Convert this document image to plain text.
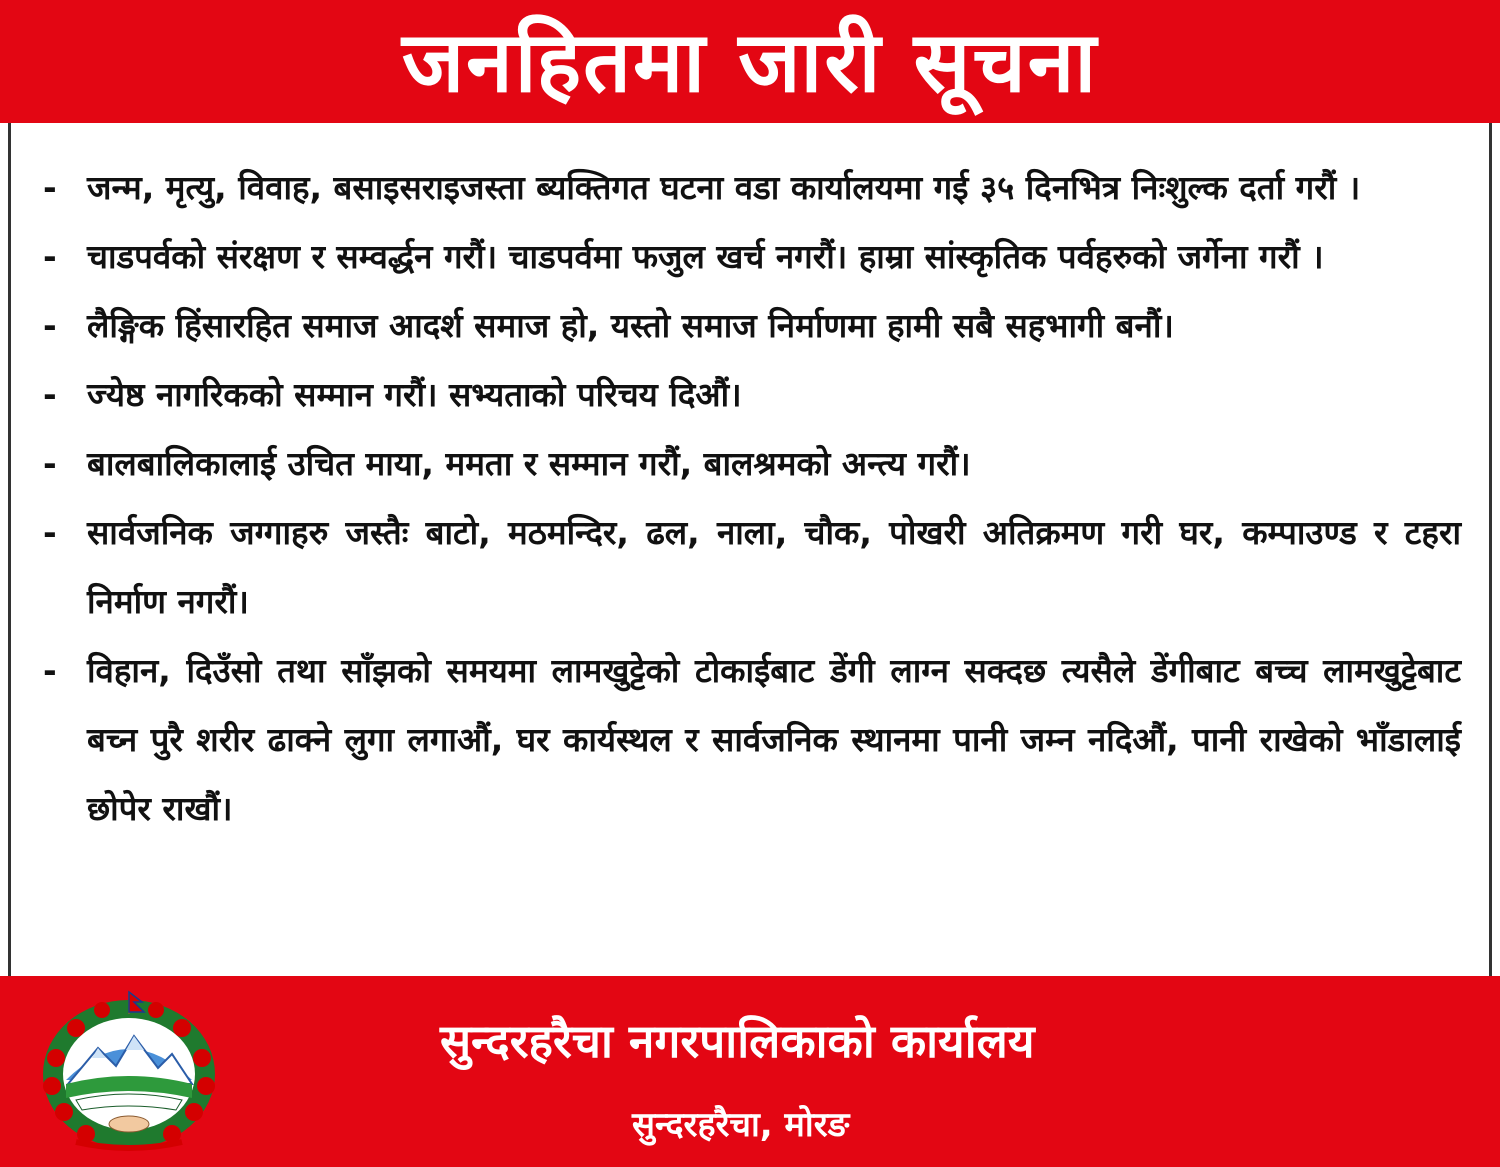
जनहितमा जारी सूचना
- जन्म, मृत्यु, विवाह, बसाइसराइजस्ता ब्यक्तिगत घटना वडा कार्यालयमा गई ३५ दिनभित्र निःशुल्क दर्ता गरौं ।
- चाडपर्वको संरक्षण र सम्वर्द्धन गरौं। चाडपर्वमा फजुल खर्च नगरौं। हाम्रा सांस्कृतिक पर्वहरुको जर्गेना गरौं ।
- लैङ्गिक हिंसारहित समाज आदर्श समाज हो, यस्तो समाज निर्माणमा हामी सबै सहभागी बनौं।
- ज्येष्ठ नागरिकको सम्मान गरौं। सभ्यताको परिचय दिऔं।
- बालबालिकालाई उचित माया, ममता र सम्मान गरौं, बालश्रमको अन्त्य गरौं।
- सार्वजनिक जग्गाहरु जस्तैः बाटो, मठमन्दिर, ढल, नाला, चौक, पोखरी अतिक्रमण गरी घर, कम्पाउण्ड र टहरा निर्माण नगरौं।
- विहान, दिउँसो तथा साँझको समयमा लामखुट्टेको टोकाईबाट डेंगी लाग्न सक्दछ त्यसैले डेंगीबाट बच्च लामखुट्टेबाट बच्न पुरै शरीर ढाक्ने लुगा लगाऔं, घर कार्यस्थल र सार्वजनिक स्थानमा पानी जम्न नदिऔं, पानी राखेको भाँडालाई छोपेर राखौं।
सुन्दरहरैचा नगरपालिकाको कार्यालय
सुन्दरहरैचा, मोरङ
